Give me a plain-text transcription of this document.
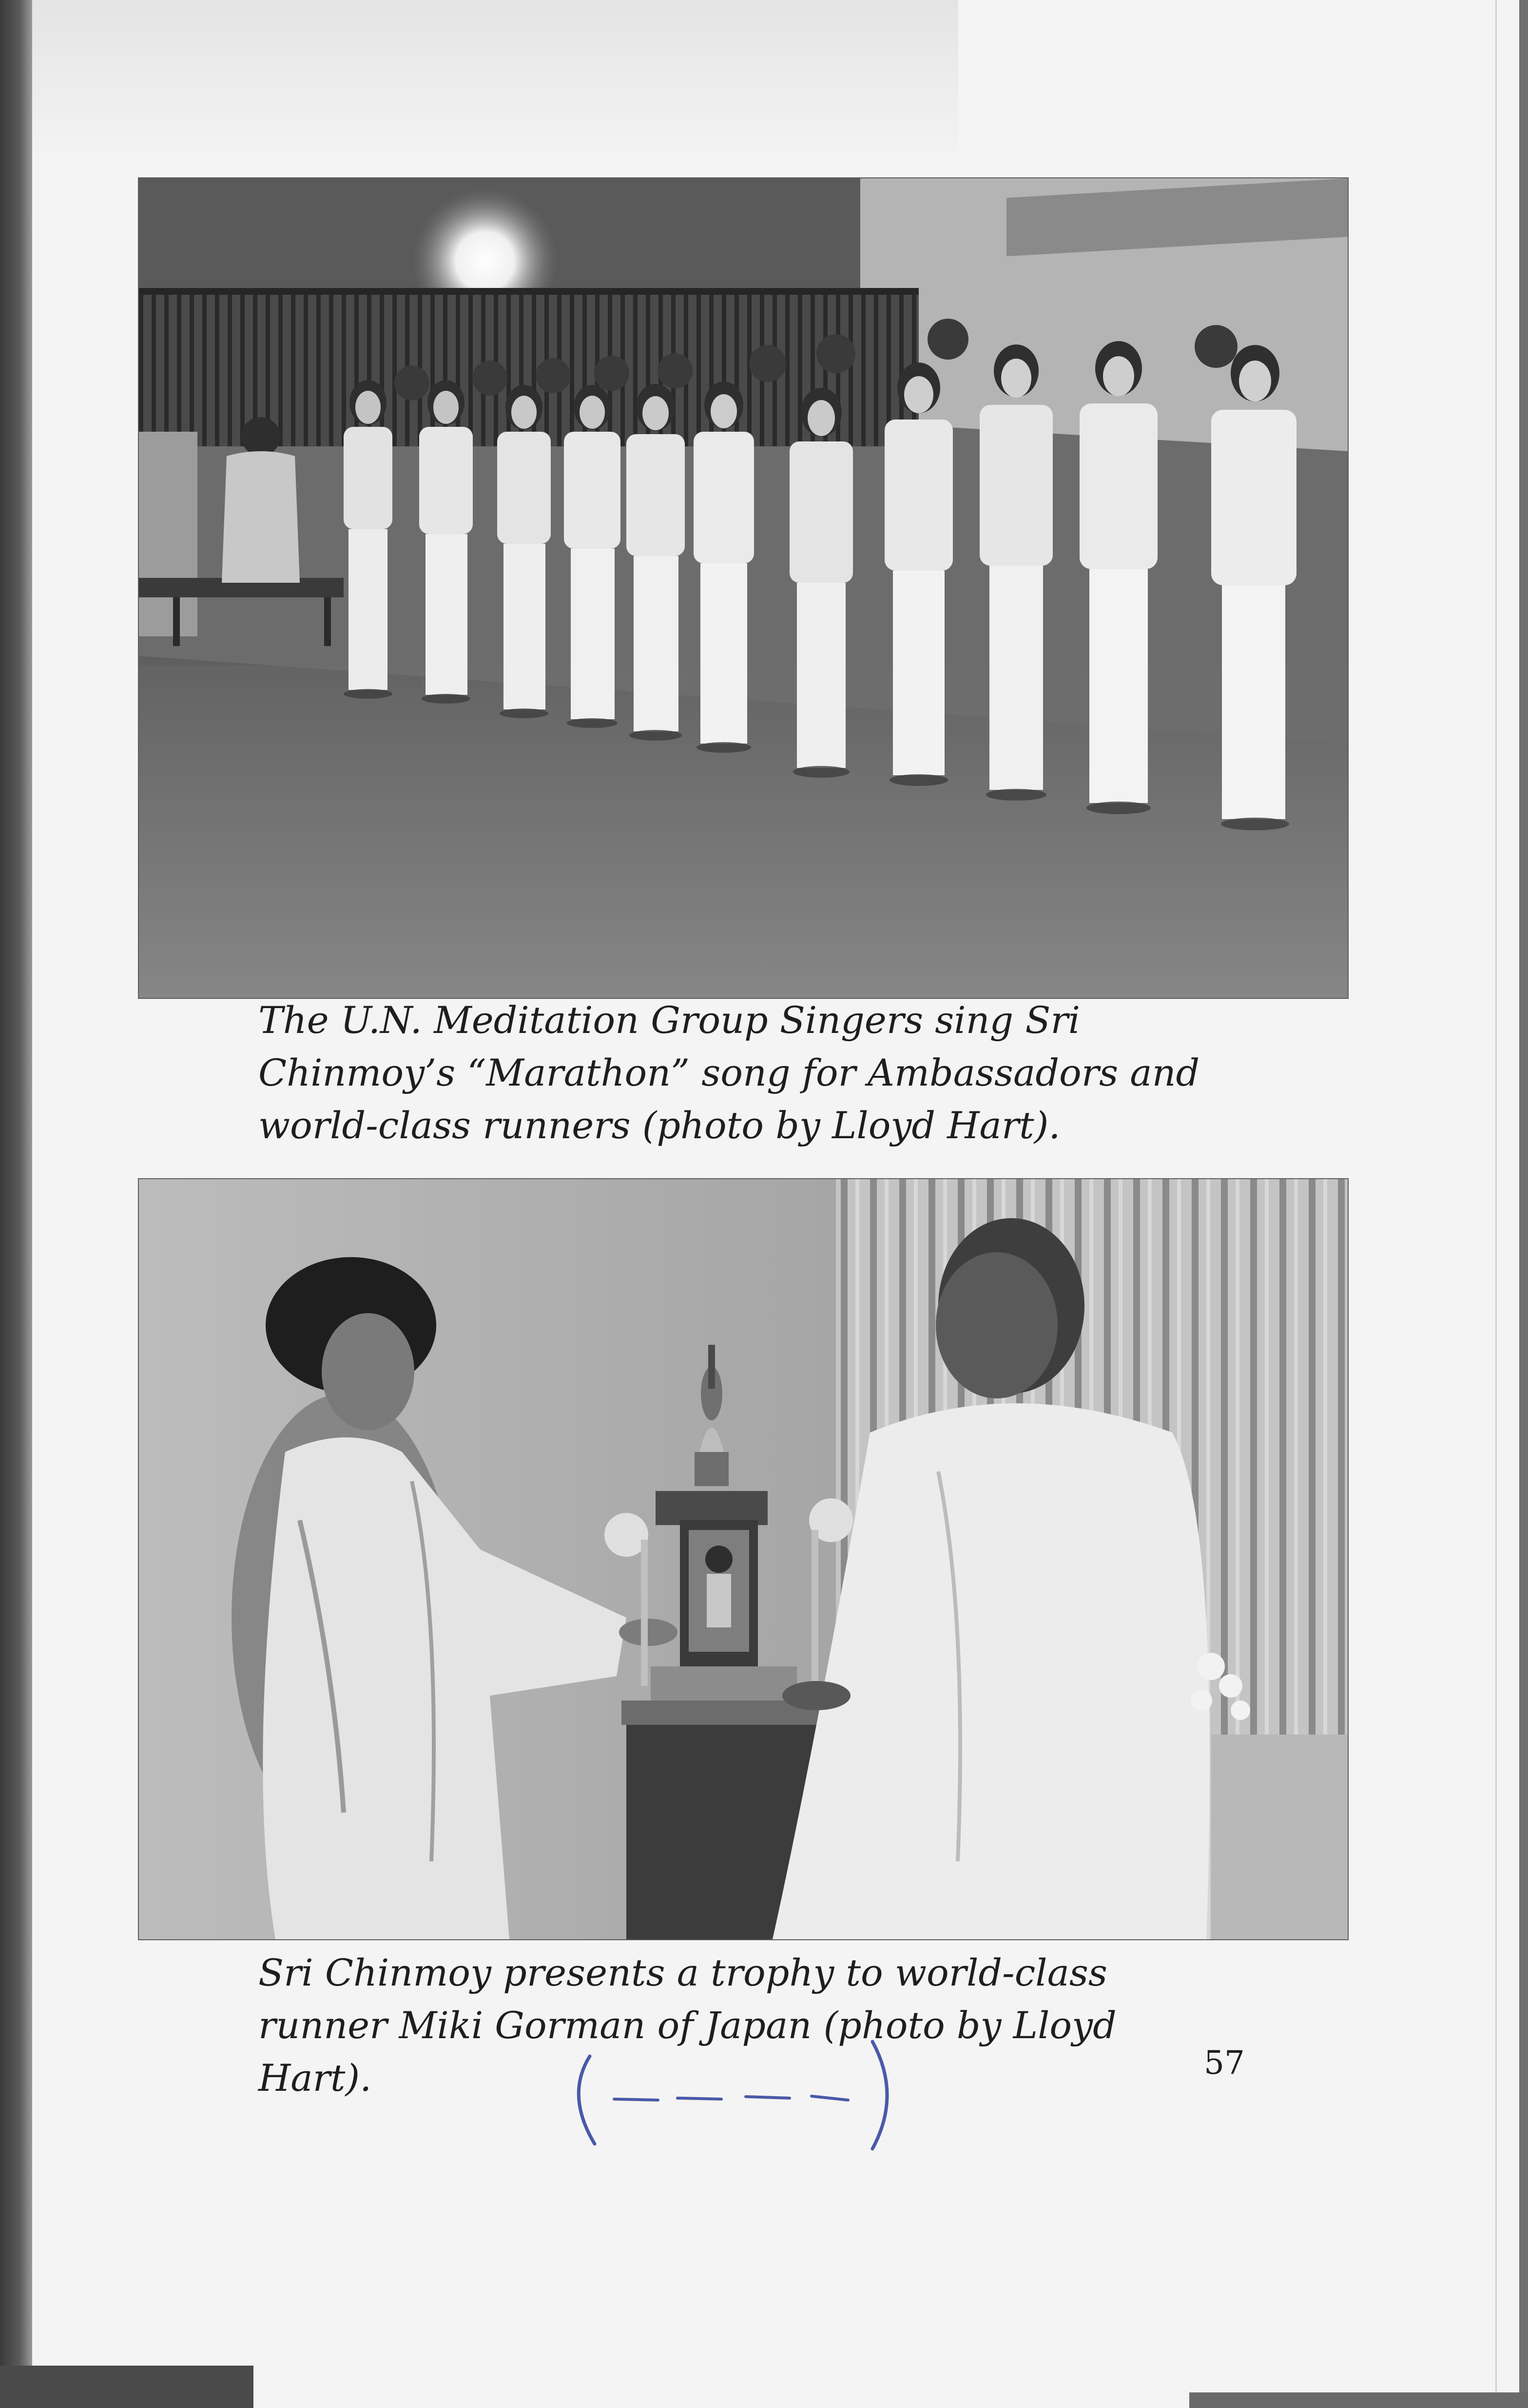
The U.N. Meditation Group Singers sing Sri
Chinmoy’s “Marathon” song for Ambassadors and
world-class runners (photo by Lloyd Hart).

Sri Chinmoy presents a trophy to world-class
runner Miki Gorman of Japan (photo by Lloyd
Hart).	57
